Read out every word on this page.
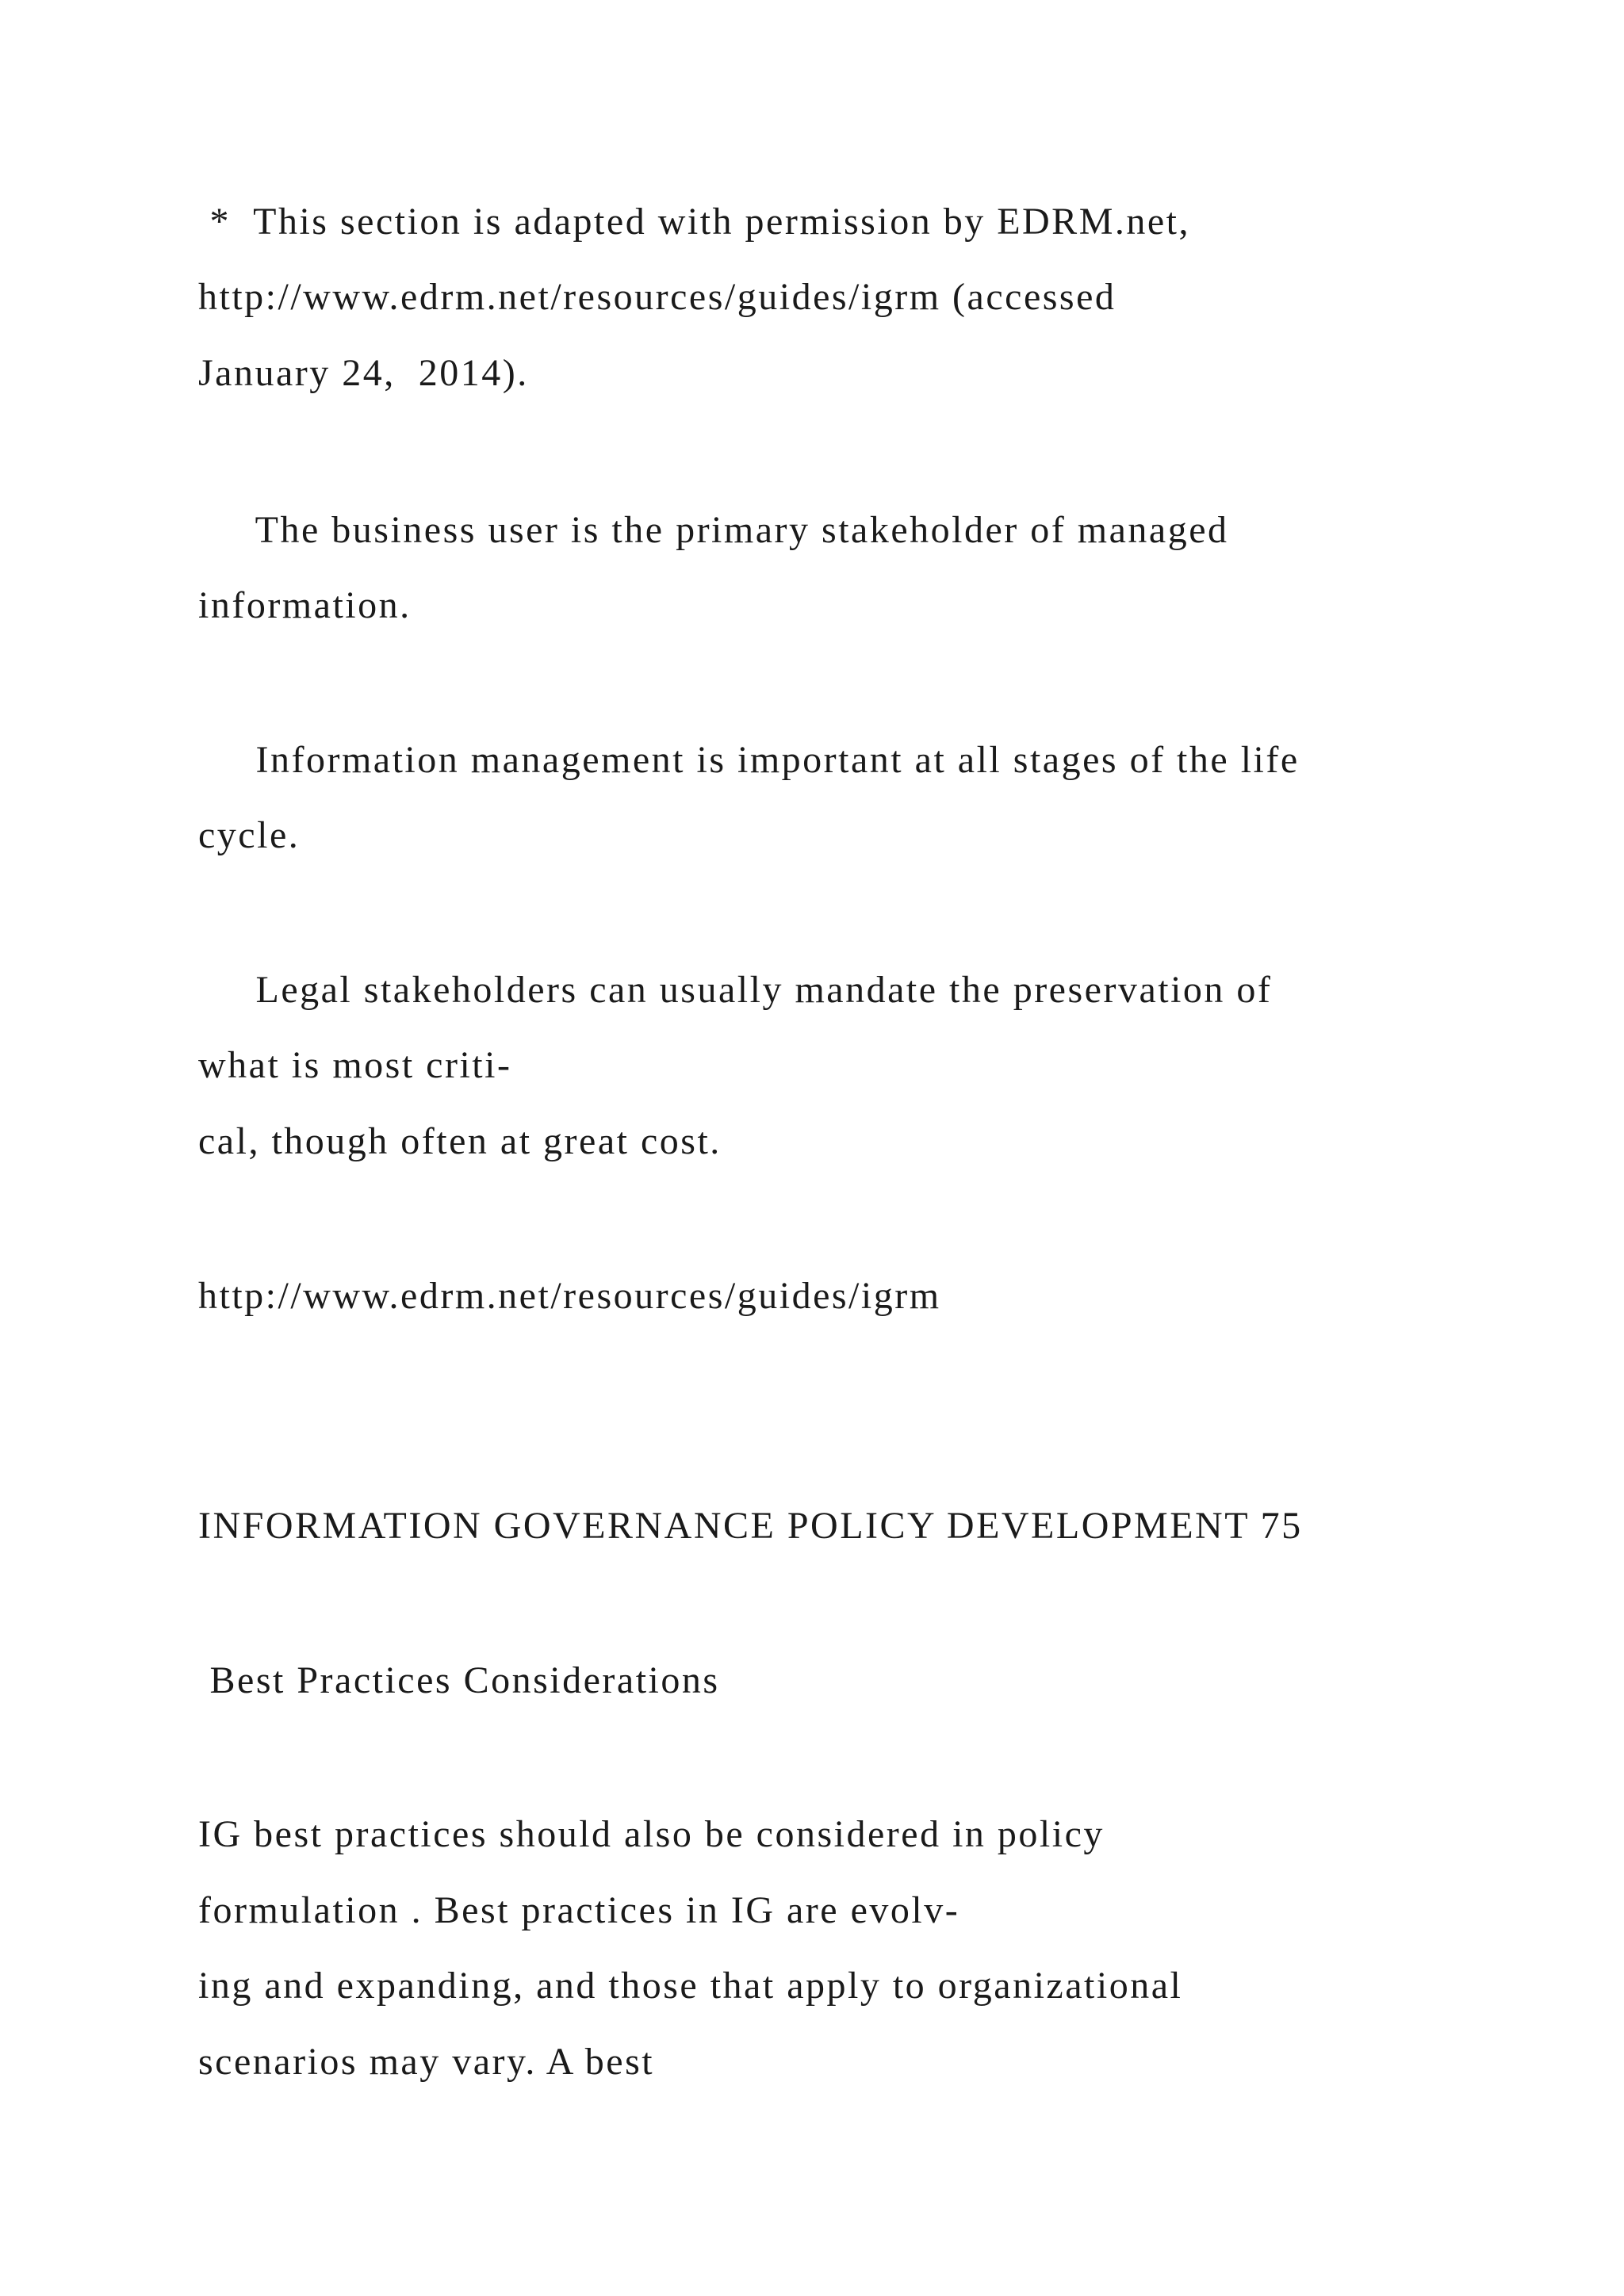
*  This section is adapted with permission by EDRM.net,
http://www.edrm.net/resources/guides/igrm (accessed
January 24,  2014).
The business user is the primary stakeholder of managed
information.
Information management is important at all stages of the life
cycle.
Legal stakeholders can usually mandate the preservation of
what is most criti-
cal, though often at great cost.
http://www.edrm.net/resources/guides/igrm
INFORMATION GOVERNANCE POLICY DEVELOPMENT 75
Best Practices Considerations
IG best practices should also be considered in policy
formulation . Best practices in IG are evolv-
ing and expanding, and those that apply to organizational
scenarios may vary. A best
